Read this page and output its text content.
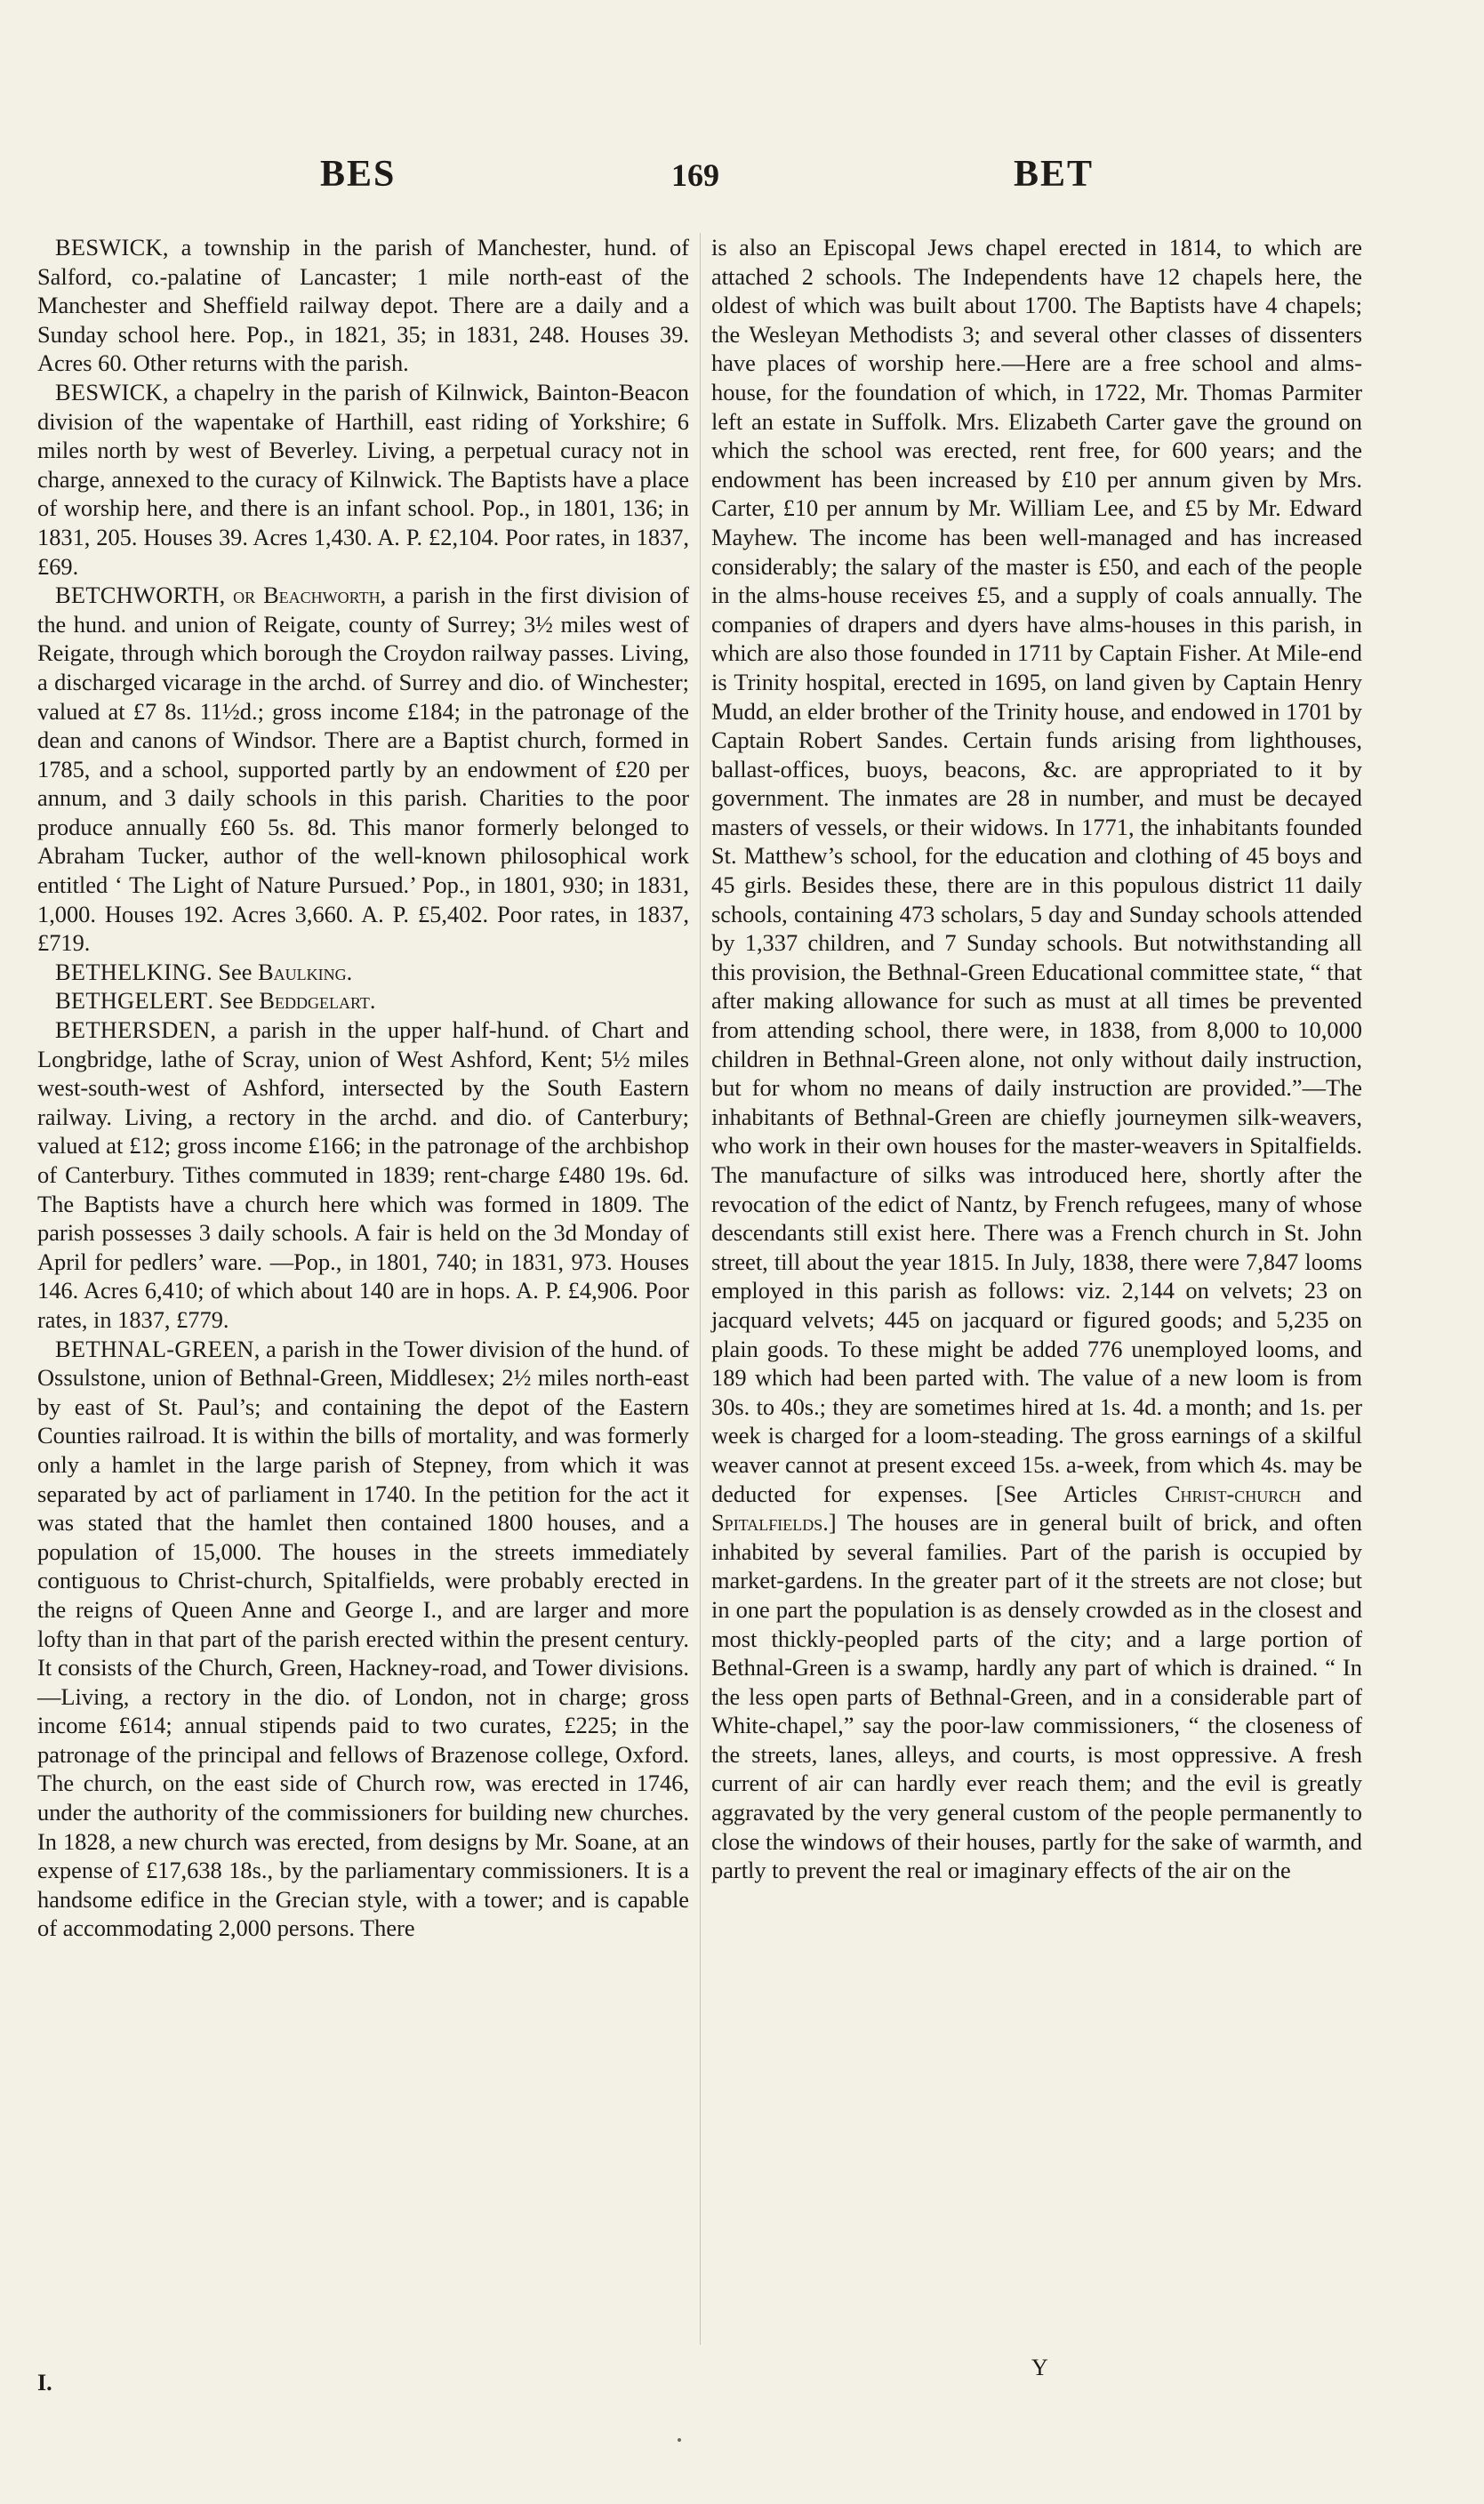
BES	169	BET

BESWICK, a township in the parish of Manchester, hund. of Salford, co.-palatine of Lancaster; 1 mile north-east of the Manchester and Sheffield railway depot. There are a daily and a Sunday school here. Pop., in 1821, 35; in 1831, 248. Houses 39. Acres 60. Other returns with the parish.

BESWICK, a chapelry in the parish of Kilnwick, Bainton-Beacon division of the wapentake of Harthill, east riding of Yorkshire; 6 miles north by west of Beverley. Living, a perpetual curacy not in charge, annexed to the curacy of Kilnwick. The Baptists have a place of worship here, and there is an infant school. Pop., in 1801, 136; in 1831, 205. Houses 39. Acres 1,430. A. P. £2,104. Poor rates, in 1837, £69.

BETCHWORTH, or Beachworth, a parish in the first division of the hund. and union of Reigate, county of Surrey; 3½ miles west of Reigate, through which borough the Croydon railway passes. Living, a discharged vicarage in the archd. of Surrey and dio. of Winchester; valued at £7 8s. 11½d.; gross income £184; in the patronage of the dean and canons of Windsor. There are a Baptist church, formed in 1785, and a school, supported partly by an endowment of £20 per annum, and 3 daily schools in this parish. Charities to the poor produce annually £60 5s. 8d. This manor formerly belonged to Abraham Tucker, author of the well-known philosophical work entitled ‘ The Light of Nature Pursued.’ Pop., in 1801, 930; in 1831, 1,000. Houses 192. Acres 3,660. A. P. £5,402. Poor rates, in 1837, £719.

BETHELKING. See Baulking.

BETHGELERT. See Beddgelart.

BETHERSDEN, a parish in the upper half-hund. of Chart and Longbridge, lathe of Scray, union of West Ashford, Kent; 5½ miles west-south-west of Ashford, intersected by the South Eastern railway. Living, a rectory in the archd. and dio. of Canterbury; valued at £12; gross income £166; in the patronage of the archbishop of Canterbury. Tithes commuted in 1839; rent-charge £480 19s. 6d. The Baptists have a church here which was formed in 1809. The parish possesses 3 daily schools. A fair is held on the 3d Monday of April for pedlers’ ware. —Pop., in 1801, 740; in 1831, 973. Houses 146. Acres 6,410; of which about 140 are in hops. A. P. £4,906. Poor rates, in 1837, £779.

BETHNAL-GREEN, a parish in the Tower division of the hund. of Ossulstone, union of Bethnal-Green, Middlesex; 2½ miles north-east by east of St. Paul’s; and containing the depot of the Eastern Counties railroad. It is within the bills of mortality, and was formerly only a hamlet in the large parish of Stepney, from which it was separated by act of parliament in 1740. In the petition for the act it was stated that the hamlet then contained 1800 houses, and a population of 15,000. The houses in the streets immediately contiguous to Christ-church, Spitalfields, were probably erected in the reigns of Queen Anne and George I., and are larger and more lofty than in that part of the parish erected within the present century. It consists of the Church, Green, Hackney-road, and Tower divisions.—Living, a rectory in the dio. of London, not in charge; gross income £614; annual stipends paid to two curates, £225; in the patronage of the principal and fellows of Brazenose college, Oxford. The church, on the east side of Church row, was erected in 1746, under the authority of the commissioners for building new churches. In 1828, a new church was erected, from designs by Mr. Soane, at an expense of £17,638 18s., by the parliamentary commissioners. It is a handsome edifice in the Grecian style, with a tower; and is capable of accommodating 2,000 persons. There

is also an Episcopal Jews chapel erected in 1814, to which are attached 2 schools. The Independents have 12 chapels here, the oldest of which was built about 1700. The Baptists have 4 chapels; the Wesleyan Methodists 3; and several other classes of dissenters have places of worship here.—Here are a free school and alms-house, for the foundation of which, in 1722, Mr. Thomas Parmiter left an estate in Suffolk. Mrs. Elizabeth Carter gave the ground on which the school was erected, rent free, for 600 years; and the endowment has been increased by £10 per annum given by Mrs. Carter, £10 per annum by Mr. William Lee, and £5 by Mr. Edward Mayhew. The income has been well-managed and has increased considerably; the salary of the master is £50, and each of the people in the alms-house receives £5, and a supply of coals annually. The companies of drapers and dyers have alms-houses in this parish, in which are also those founded in 1711 by Captain Fisher. At Mile-end is Trinity hospital, erected in 1695, on land given by Captain Henry Mudd, an elder brother of the Trinity house, and endowed in 1701 by Captain Robert Sandes. Certain funds arising from lighthouses, ballast-offices, buoys, beacons, &c. are appropriated to it by government. The inmates are 28 in number, and must be decayed masters of vessels, or their widows. In 1771, the inhabitants founded St. Matthew’s school, for the education and clothing of 45 boys and 45 girls. Besides these, there are in this populous district 11 daily schools, containing 473 scholars, 5 day and Sunday schools attended by 1,337 children, and 7 Sunday schools. But notwithstanding all this provision, the Bethnal-Green Educational committee state, “ that after making allowance for such as must at all times be prevented from attending school, there were, in 1838, from 8,000 to 10,000 children in Bethnal-Green alone, not only without daily instruction, but for whom no means of daily instruction are provided.”—The inhabitants of Bethnal-Green are chiefly journeymen silk-weavers, who work in their own houses for the master-weavers in Spitalfields. The manufacture of silks was introduced here, shortly after the revocation of the edict of Nantz, by French refugees, many of whose descendants still exist here. There was a French church in St. John street, till about the year 1815. In July, 1838, there were 7,847 looms employed in this parish as follows: viz. 2,144 on velvets; 23 on jacquard velvets; 445 on jacquard or figured goods; and 5,235 on plain goods. To these might be added 776 unemployed looms, and 189 which had been parted with. The value of a new loom is from 30s. to 40s.; they are sometimes hired at 1s. 4d. a month; and 1s. per week is charged for a loom-steading. The gross earnings of a skilful weaver cannot at present exceed 15s. a-week, from which 4s. may be deducted for expenses. [See Articles Christ-church and Spitalfields.] The houses are in general built of brick, and often inhabited by several families. Part of the parish is occupied by market-gardens. In the greater part of it the streets are not close; but in one part the population is as densely crowded as in the closest and most thickly-peopled parts of the city; and a large portion of Bethnal-Green is a swamp, hardly any part of which is drained. “ In the less open parts of Bethnal-Green, and in a considerable part of White-chapel,” say the poor-law commissioners, “ the closeness of the streets, lanes, alleys, and courts, is most oppressive. A fresh current of air can hardly ever reach them; and the evil is greatly aggravated by the very general custom of the people permanently to close the windows of their houses, partly for the sake of warmth, and partly to prevent the real or imaginary effects of the air on the

I.
Y
